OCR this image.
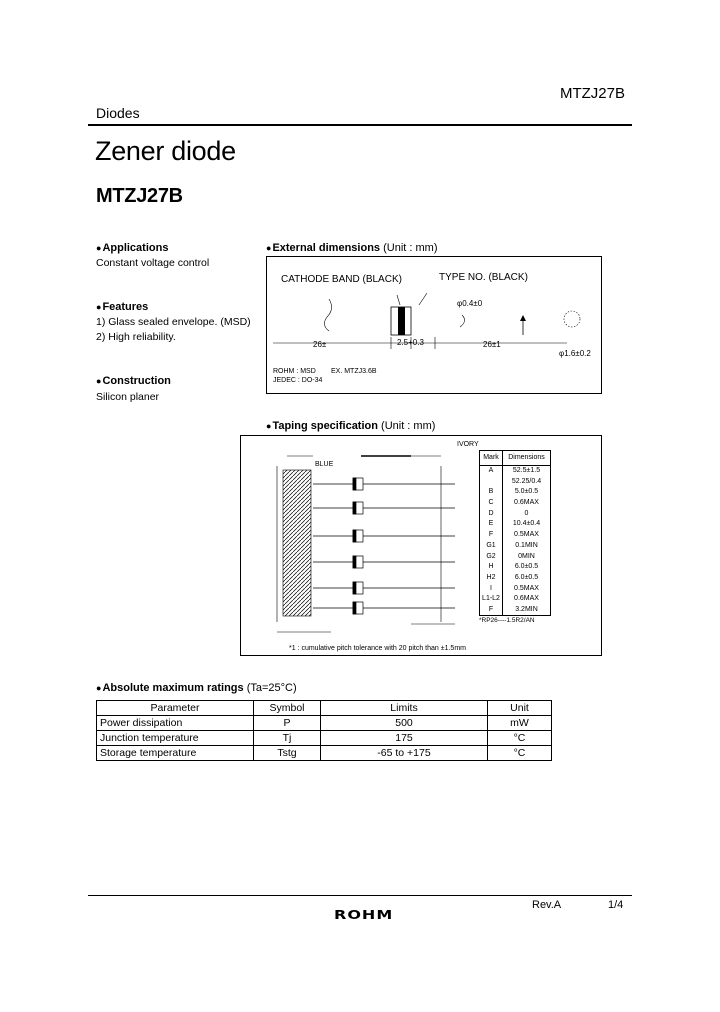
MTZJ27B
Diodes
Zener diode
MTZJ27B
●Applications
Constant voltage control
●Features
1) Glass sealed envelope. (MSD)
2) High reliability.
●Construction
Silicon planer
●External dimensions (Unit : mm)
CATHODE BAND (BLACK)	TYPE NO. (BLACK)
φ0.4±0
26±	2.5+0.3	26±1
φ1.6±0.2
ROHM : MSD EX. MTZJ3.6B
JEDEC : DO-34
●Taping specification (Unit : mm)
BLUE
IVORY
*1 : cumulative pitch tolerance with 20 pitch than ±1.5mm
Mark	Dimensions
A	52.5±1.5
52.25/0.4
B	5.0±0.5
C	0.6MAX
D	0
E	10.4±0.4
F	0.5MAX
G1	0.1MIN
G2	0MIN
H	6.0±0.5
H2	6.0±0.5
I	0.5MAX
L1-L2	0.6MAX
F	3.2MIN
*RP26----1.5R2/AN
●Absolute maximum ratings (Ta=25°C)
Parameter	Symbol	Limits	Unit
Power dissipation	P	500	mW
Junction temperature	Tj	175	°C
Storage temperature	Tstg	-65 to +175	°C
Rev.A	1/4
ROHM
